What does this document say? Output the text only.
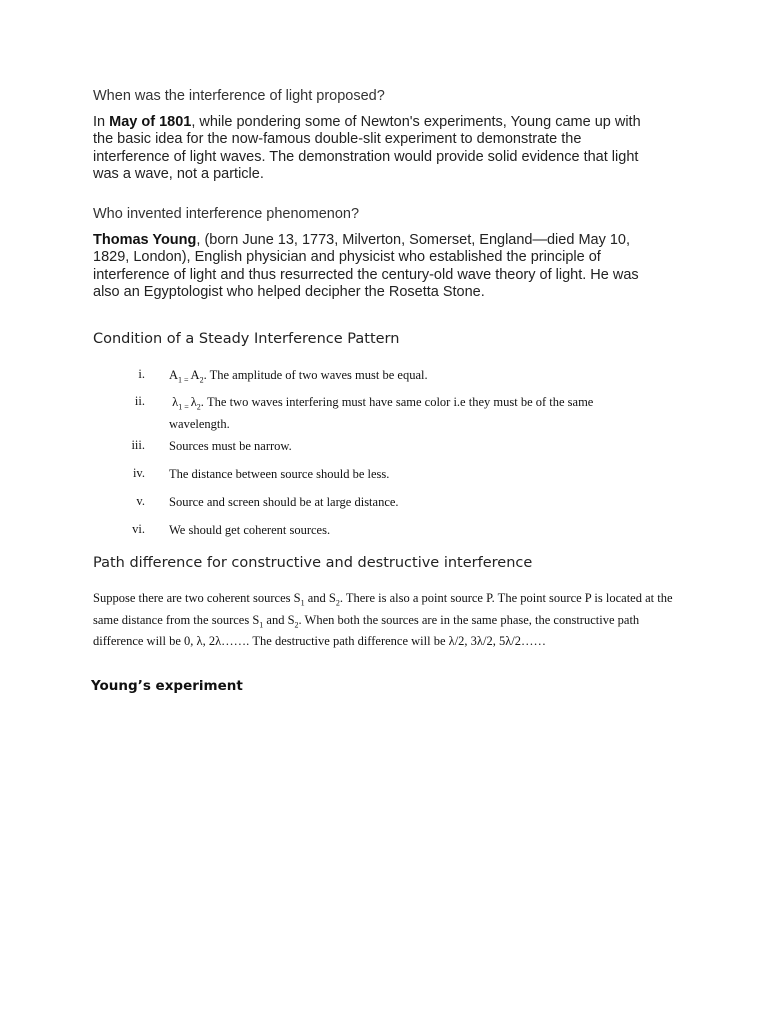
When was the interference of light proposed?
In May of 1801, while pondering some of Newton's experiments, Young came up with the basic idea for the now-famous double-slit experiment to demonstrate the interference of light waves. The demonstration would provide solid evidence that light was a wave, not a particle.
Who invented interference phenomenon?
Thomas Young, (born June 13, 1773, Milverton, Somerset, England—died May 10, 1829, London), English physician and physicist who established the principle of interference of light and thus resurrected the century-old wave theory of light. He was also an Egyptologist who helped decipher the Rosetta Stone.
Condition of a Steady Interference Pattern
i. $A_1$ $_=$ $A_2$. The amplitude of two waves must be equal.
ii. $\lambda_1$ $_=$ $\lambda_2$. The two waves interfering must have same color i.e they must be of the same wavelength.
iii. Sources must be narrow.
iv. The distance between source should be less.
v. Source and screen should be at large distance.
vi. We should get coherent sources.
Path difference for constructive and destructive interference
Suppose there are two coherent sources $S_1$ and $S_2$. There is also a point source P. The point source P is located at the same distance from the sources $S_1$ and $S_2$. When both the sources are in the same phase, the constructive path difference will be 0, λ, 2λ……. The destructive path difference will be λ/2, 3λ/2, 5λ/2……
Young’s experiment
